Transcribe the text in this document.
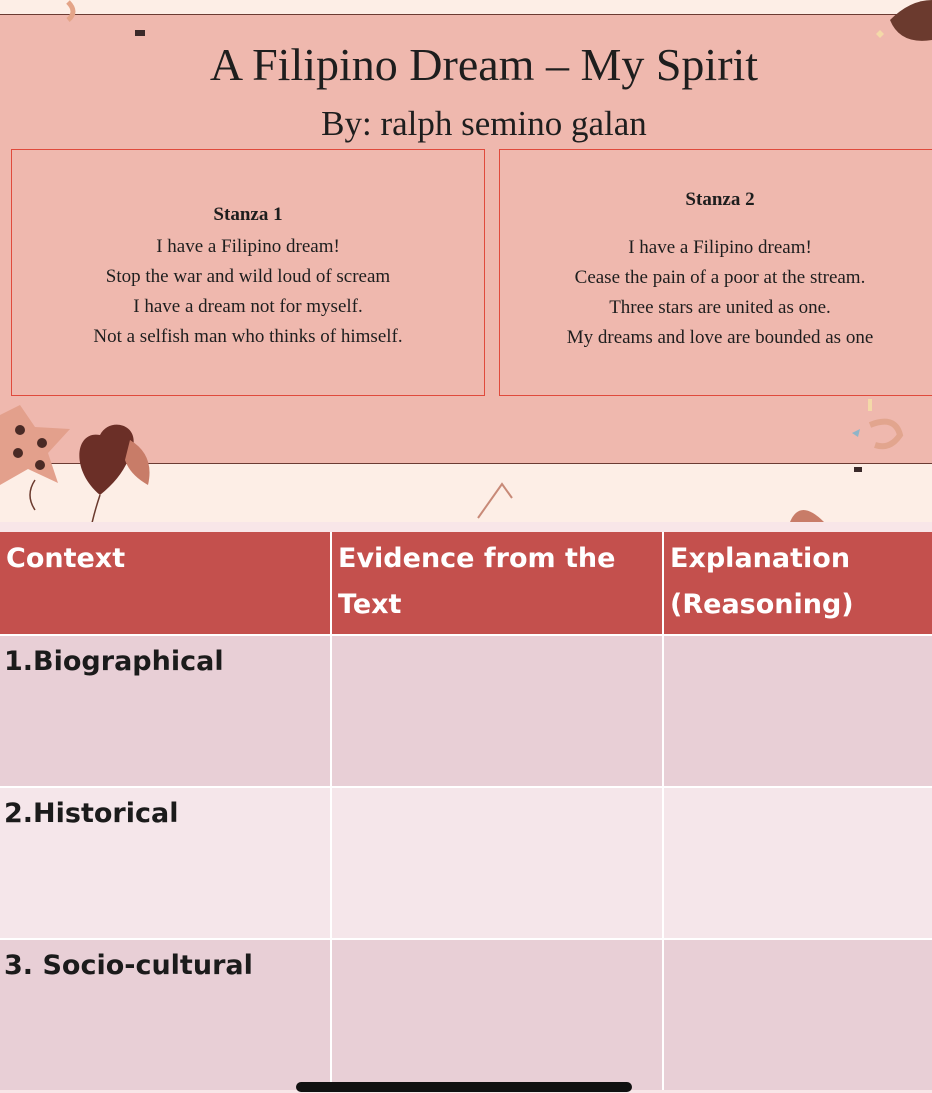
A Filipino Dream – My Spirit
By: ralph semino galan
Stanza 1
I have a Filipino dream!
Stop the war and wild loud of scream
I have a dream not for myself.
Not a selfish man who thinks of himself.
Stanza 2
I have a Filipino dream!
Cease the pain of a poor at the stream.
Three stars are united as one.
My dreams and love are bounded as one
Context	Evidence from the Text
Explanation (Reasoning)
1.Biographical
2.Historical
3. Socio-cultural
